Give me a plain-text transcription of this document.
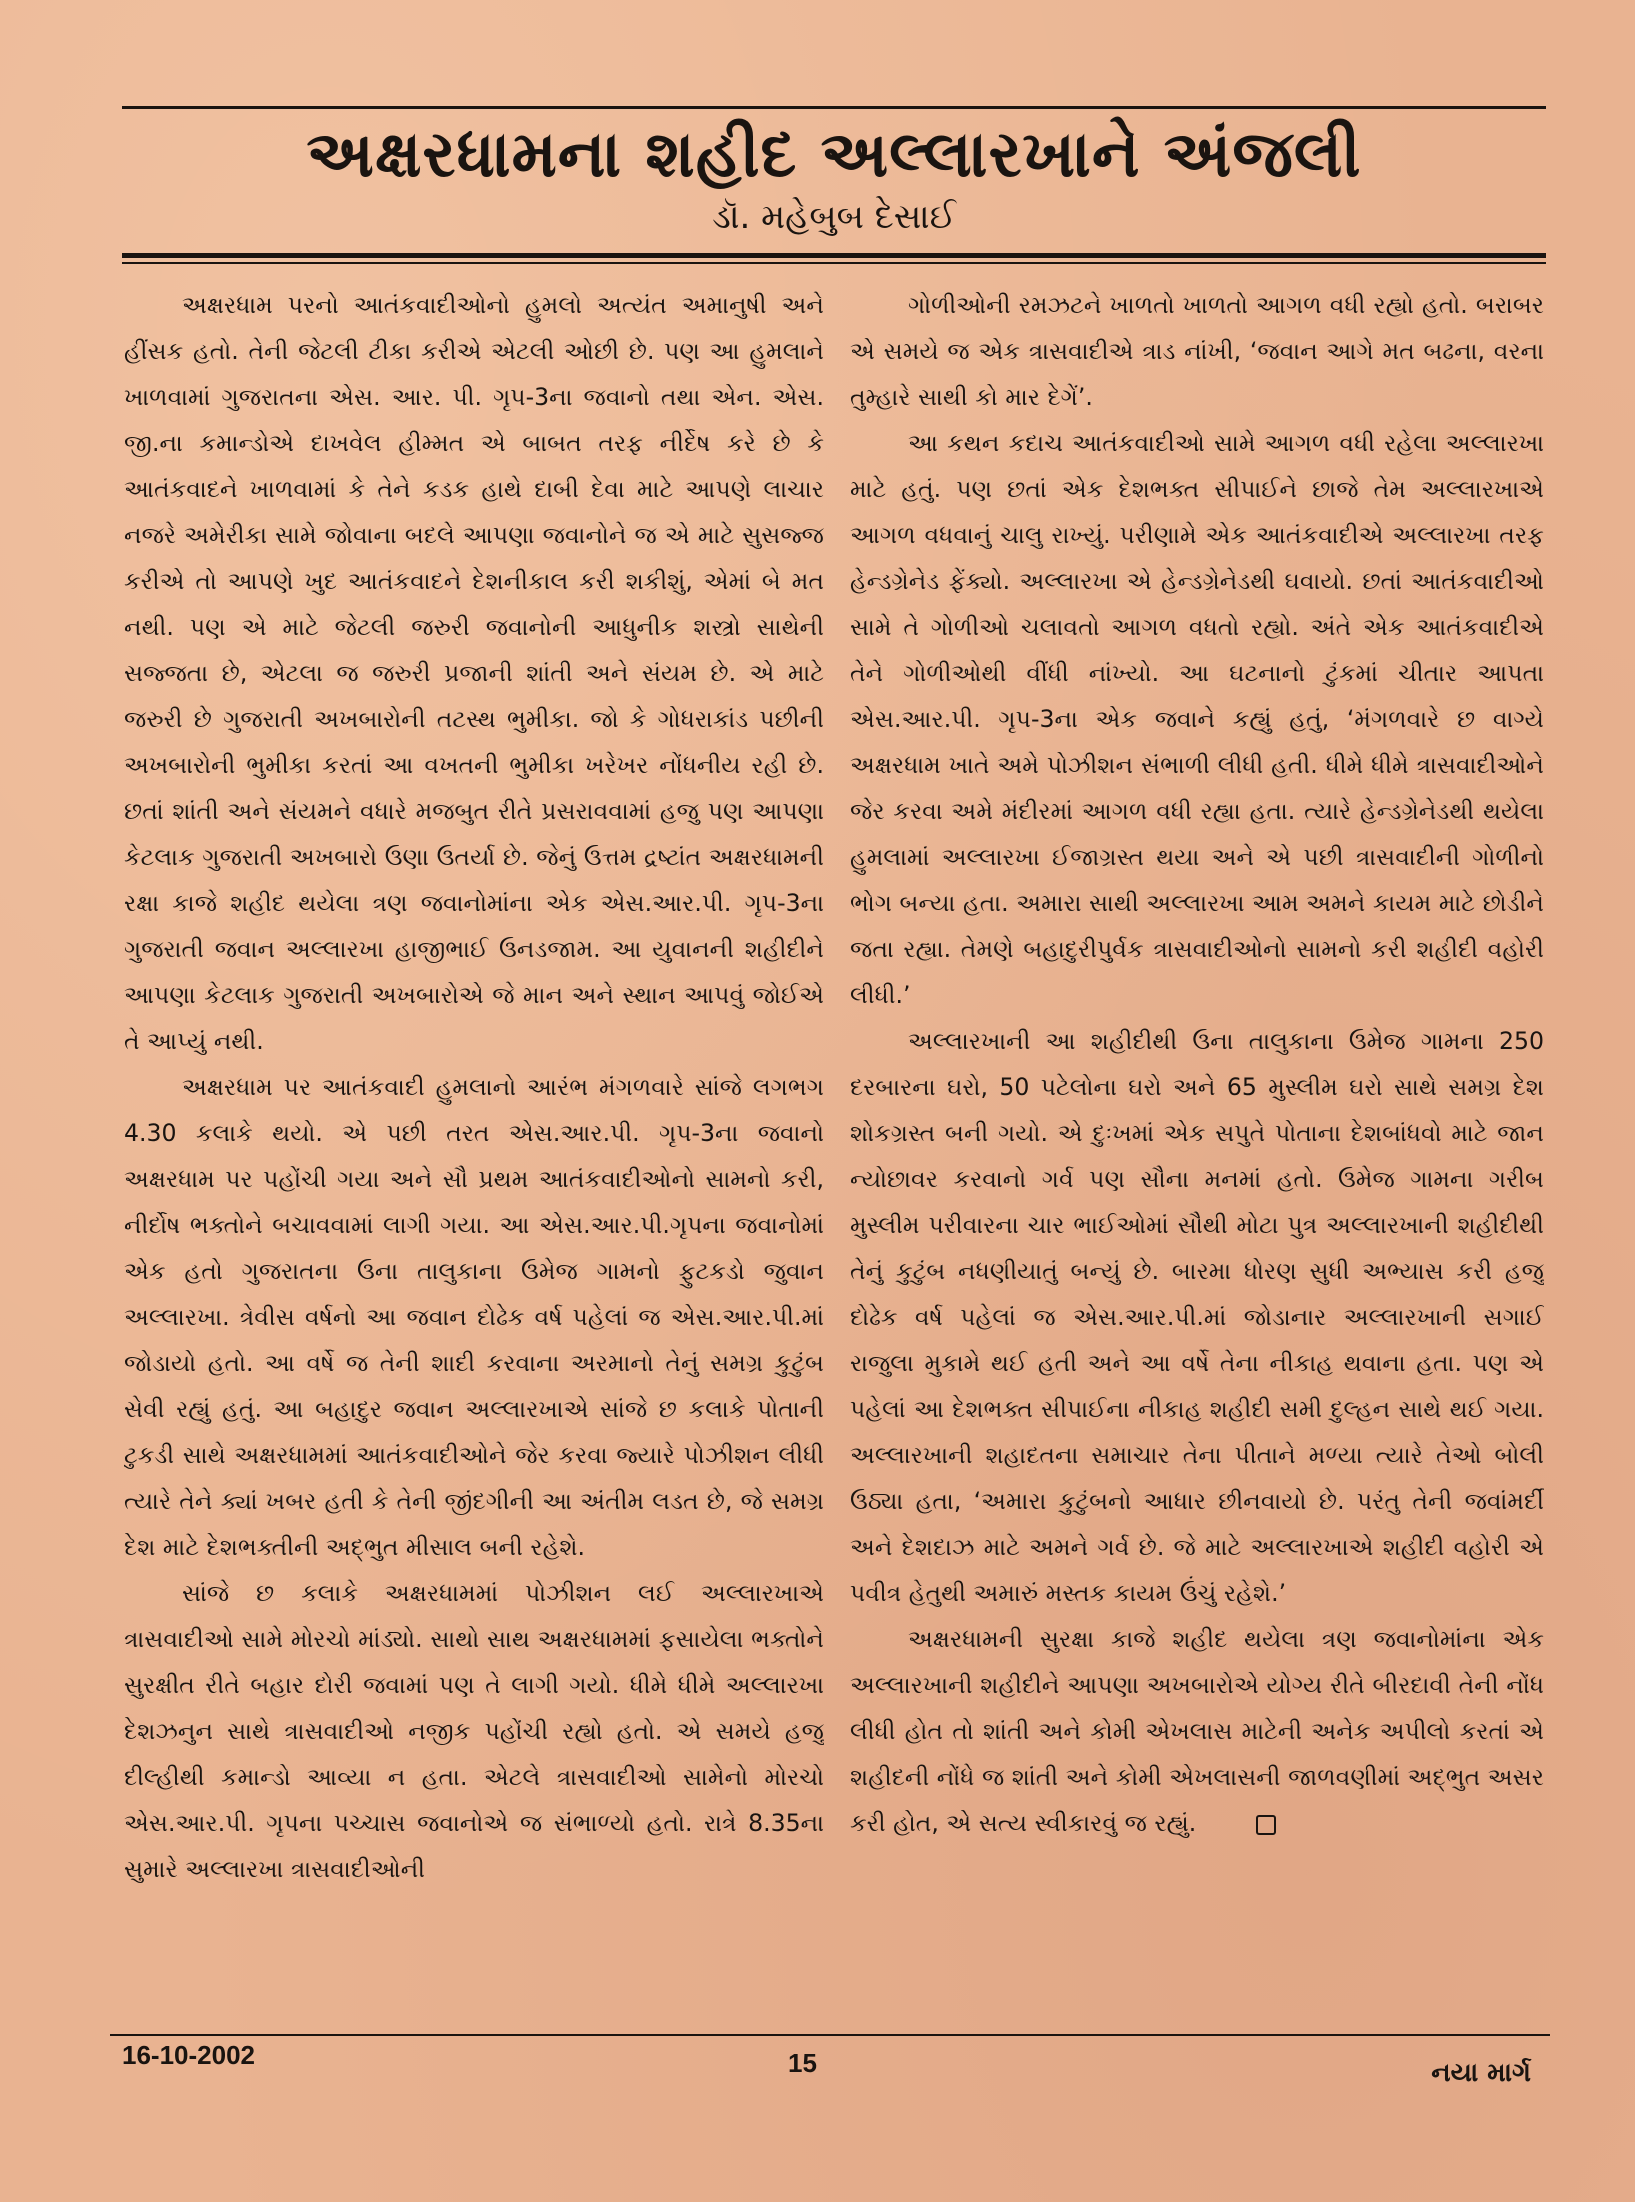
અક્ષરધામના શહીદ અલ્લારખાને અંજલી
ડૉ. મહેબુબ દેસાઈ

અક્ષરધામ પરનો આતંકવાદીઓનો હુમલો અત્યંત અમાનુષી અને હીંસક હતો. તેની જેટલી ટીકા કરીએ એટલી ઓછી છે. પણ આ હુમલાને ખાળવામાં ગુજરાતના એસ. આર. પી. ગૃપ-3ના જવાનો તથા એન. એસ. જી.ના કમાન્ડોએ દાખવેલ હીમ્મત એ બાબત તરફ નીર્દેષ કરે છે કે આતંકવાદને ખાળવામાં કે તેને કડક હાથે દાબી દેવા માટે આપણે લાચાર નજરે અમેરીકા સામે જોવાના બદલે આપણા જવાનોને જ એ માટે સુસજ્જ કરીએ તો આપણે ખુદ આતંકવાદને દેશનીકાલ કરી શકીશું, એમાં બે મત નથી. પણ એ માટે જેટલી જરુરી જવાનોની આધુનીક શસ્ત્રો સાથેની સજ્જતા છે, એટલા જ જરુરી પ્રજાની શાંતી અને સંયમ છે. એ માટે જરુરી છે ગુજરાતી અખબારોની તટસ્થ ભુમીકા. જો કે ગોધરાકાંડ પછીની અખબારોની ભુમીકા કરતાં આ વખતની ભુમીકા ખરેખર નોંધનીય રહી છે. છતાં શાંતી અને સંયમને વધારે મજબુત રીતે પ્રસરાવવામાં હજુ પણ આપણા કેટલાક ગુજરાતી અખબારો ઉણા ઉતર્યા છે. જેનું ઉત્તમ દ્રષ્ટાંત અક્ષરધામની રક્ષા કાજે શહીદ થયેલા ત્રણ જવાનોમાંના એક એસ.આર.પી. ગૃપ-3ના ગુજરાતી જવાન અલ્લારખા હાજીભાઈ ઉનડજામ. આ યુવાનની શહીદીને આપણા કેટલાક ગુજરાતી અખબારોએ જે માન અને સ્થાન આપવું જોઈએ તે આપ્યું નથી.

અક્ષરધામ પર આતંકવાદી હુમલાનો આરંભ મંગળવારે સાંજે લગભગ 4.30 કલાકે થયો. એ પછી તરત એસ.આર.પી. ગૃપ-3ના જવાનો અક્ષરધામ પર પહોંચી ગયા અને સૌ પ્રથમ આતંકવાદીઓનો સામનો કરી, નીર્દોષ ભક્તોને બચાવવામાં લાગી ગયા. આ એસ.આર.પી.ગૃપના જવાનોમાં એક હતો ગુજરાતના ઉના તાલુકાના ઉમેજ ગામનો ફુટકડો જુવાન અલ્લારખા. ત્રેવીસ વર્ષનો આ જવાન દોઢેક વર્ષ પહેલાં જ એસ.આર.પી.માં જોડાયો હતો. આ વર્ષે જ તેની શાદી કરવાના અરમાનો તેનું સમગ્ર કુટુંબ સેવી રહ્યું હતું. આ બહાદુર જવાન અલ્લારખાએ સાંજે છ કલાકે પોતાની ટુકડી સાથે અક્ષરધામમાં આતંકવાદીઓને જેર કરવા જ્યારે પોઝીશન લીધી ત્યારે તેને ક્યાં ખબર હતી કે તેની જીંદગીની આ અંતીમ લડત છે, જે સમગ્ર દેશ માટે દેશભક્તીની અદ્ભુત મીસાલ બની રહેશે.

સાંજે છ કલાકે અક્ષરધામમાં પોઝીશન લઈ અલ્લારખાએ ત્રાસવાદીઓ સામે મોરચો માંડ્યો. સાથો સાથ અક્ષરધામમાં ફસાયેલા ભક્તોને સુરક્ષીત રીતે બહાર દોરી જવામાં પણ તે લાગી ગયો. ધીમે ધીમે અલ્લારખા દેશઝનુન સાથે ત્રાસવાદીઓ નજીક પહોંચી રહ્યો હતો. એ સમયે હજુ દીલ્હીથી કમાન્ડો આવ્યા ન હતા. એટલે ત્રાસવાદીઓ સામેનો મોરચો એસ.આર.પી. ગૃપના પચ્ચાસ જવાનોએ જ સંભાળ્યો હતો. રાત્રે 8.35ના સુમારે અલ્લારખા ત્રાસવાદીઓની

ગોળીઓની રમઝટને ખાળતો ખાળતો આગળ વધી રહ્યો હતો. બરાબર એ સમયે જ એક ત્રાસવાદીએ ત્રાડ નાંખી, ‘જવાન આગે મત બઢના, વરના તુમ્હારે સાથી કો માર દેગેં’.

આ કથન કદાચ આતંકવાદીઓ સામે આગળ વધી રહેલા અલ્લારખા માટે હતું. પણ છતાં એક દેશભક્ત સીપાઈને છાજે તેમ અલ્લારખાએ આગળ વધવાનું ચાલુ રાખ્યું. પરીણામે એક આતંકવાદીએ અલ્લારખા તરફ હેન્ડગ્રેનેડ ફેંક્યો. અલ્લારખા એ હેન્ડગ્રેનેડથી ઘવાયો. છતાં આતંકવાદીઓ સામે તે ગોળીઓ ચલાવતો આગળ વધતો રહ્યો. અંતે એક આતંકવાદીએ તેને ગોળીઓથી વીંધી નાંખ્યો. આ ઘટનાનો ટુંકમાં ચીતાર આપતા એસ.આર.પી. ગૃપ-3ના એક જવાને કહ્યું હતું, ‘મંગળવારે છ વાગ્યે અક્ષરધામ ખાતે અમે પોઝીશન સંભાળી લીધી હતી. ધીમે ધીમે ત્રાસવાદીઓને જેર કરવા અમે મંદીરમાં આગળ વધી રહ્યા હતા. ત્યારે હેન્ડગ્રેનેડથી થયેલા હુમલામાં અલ્લારખા ઈજાગ્રસ્ત થયા અને એ પછી ત્રાસવાદીની ગોળીનો ભોગ બન્યા હતા. અમારા સાથી અલ્લારખા આમ અમને કાયમ માટે છોડીને જતા રહ્યા. તેમણે બહાદુરીપુર્વક ત્રાસવાદીઓનો સામનો કરી શહીદી વહોરી લીધી.’

અલ્લારખાની આ શહીદીથી ઉના તાલુકાના ઉમેજ ગામના 250 દરબારના ઘરો, 50 પટેલોના ઘરો અને 65 મુસ્લીમ ઘરો સાથે સમગ્ર દેશ શોકગ્રસ્ત બની ગયો. એ દુઃખમાં એક સપુતે પોતાના દેશબાંધવો માટે જાન ન્યોછાવર કરવાનો ગર્વ પણ સૌના મનમાં હતો. ઉમેજ ગામના ગરીબ મુસ્લીમ પરીવારના ચાર ભાઈઓમાં સૌથી મોટા પુત્ર અલ્લારખાની શહીદીથી તેનું કુટુંબ નધણીયાતું બન્યું છે. બારમા ધોરણ સુધી અભ્યાસ કરી હજુ દોઢેક વર્ષ પહેલાં જ એસ.આર.પી.માં જોડાનાર અલ્લારખાની સગાઈ રાજુલા મુકામે થઈ હતી અને આ વર્ષે તેના નીકાહ થવાના હતા. પણ એ પહેલાં આ દેશભક્ત સીપાઈના નીકાહ શહીદી સમી દુલ્હન સાથે થઈ ગયા. અલ્લારખાની શહાદતના સમાચાર તેના પીતાને મળ્યા ત્યારે તેઓ બોલી ઉઠ્યા હતા, ‘અમારા કુટુંબનો આધાર છીનવાયો છે. પરંતુ તેની જવાંમર્દી અને દેશદાઝ માટે અમને ગર્વ છે. જે માટે અલ્લારખાએ શહીદી વહોરી એ પવીત્ર હેતુથી અમારું મસ્તક કાયમ ઉંચું રહેશે.’

અક્ષરધામની સુરક્ષા કાજે શહીદ થયેલા ત્રણ જવાનોમાંના એક અલ્લારખાની શહીદીને આપણા અખબારોએ યોગ્ય રીતે બીરદાવી તેની નોંધ લીધી હોત તો શાંતી અને કોમી એખલાસ માટેની અનેક અપીલો કરતાં એ શહીદની નોંધે જ શાંતી અને કોમી એખલાસની જાળવણીમાં અદ્ભુત અસર કરી હોત, એ સત્ય સ્વીકારવું જ રહ્યું.

16-10-2002	15	નયા માર્ગ
